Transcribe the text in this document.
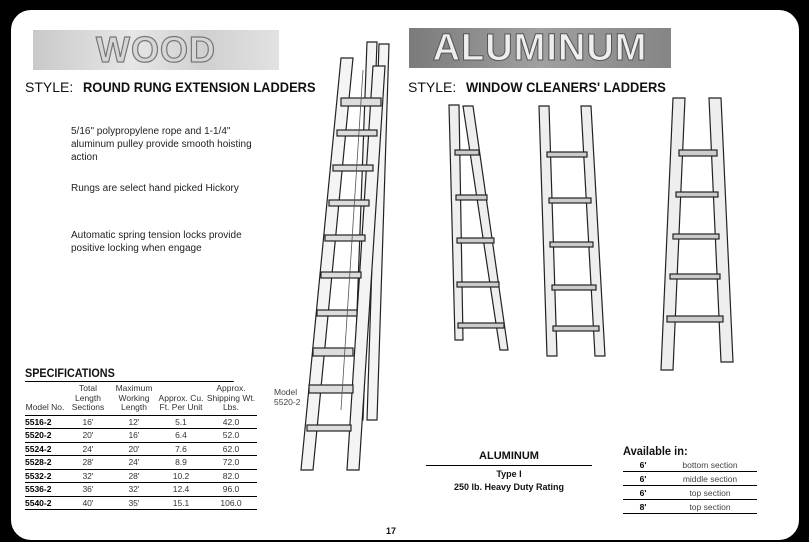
WOOD	ALUMINUM
STYLE: ROUND RUNG EXTENSION LADDERS	STYLE: WINDOW CLEANERS' LADDERS
5/16" polypropylene rope and 1-1/4" aluminum pulley provide smooth hoisting action
Rungs are select hand picked Hickory
Automatic spring tension locks provide positive locking when engage
Model
5520-2
SPECIFICATIONS
Model No.	Total Length Sections	Maximum Working Length	Approx. Cu. Ft. Per Unit	Approx. Shipping Wt. Lbs.
5516-2	16'	12'	5.1	42.0
5520-2	20'	16'	6.4	52.0
5524-2	24'	20'	7.6	62.0
5528-2	28'	24'	8.9	72.0
5532-2	32'	28'	10.2	82.0
5536-2	36'	32'	12.4	96.0
5540-2	40'	35'	15.1	106.0
ALUMINUM
Type I
250 lb. Heavy Duty Rating
Available in:
6'	bottom section
6'	middle section
6'	top section
8'	top section
17
